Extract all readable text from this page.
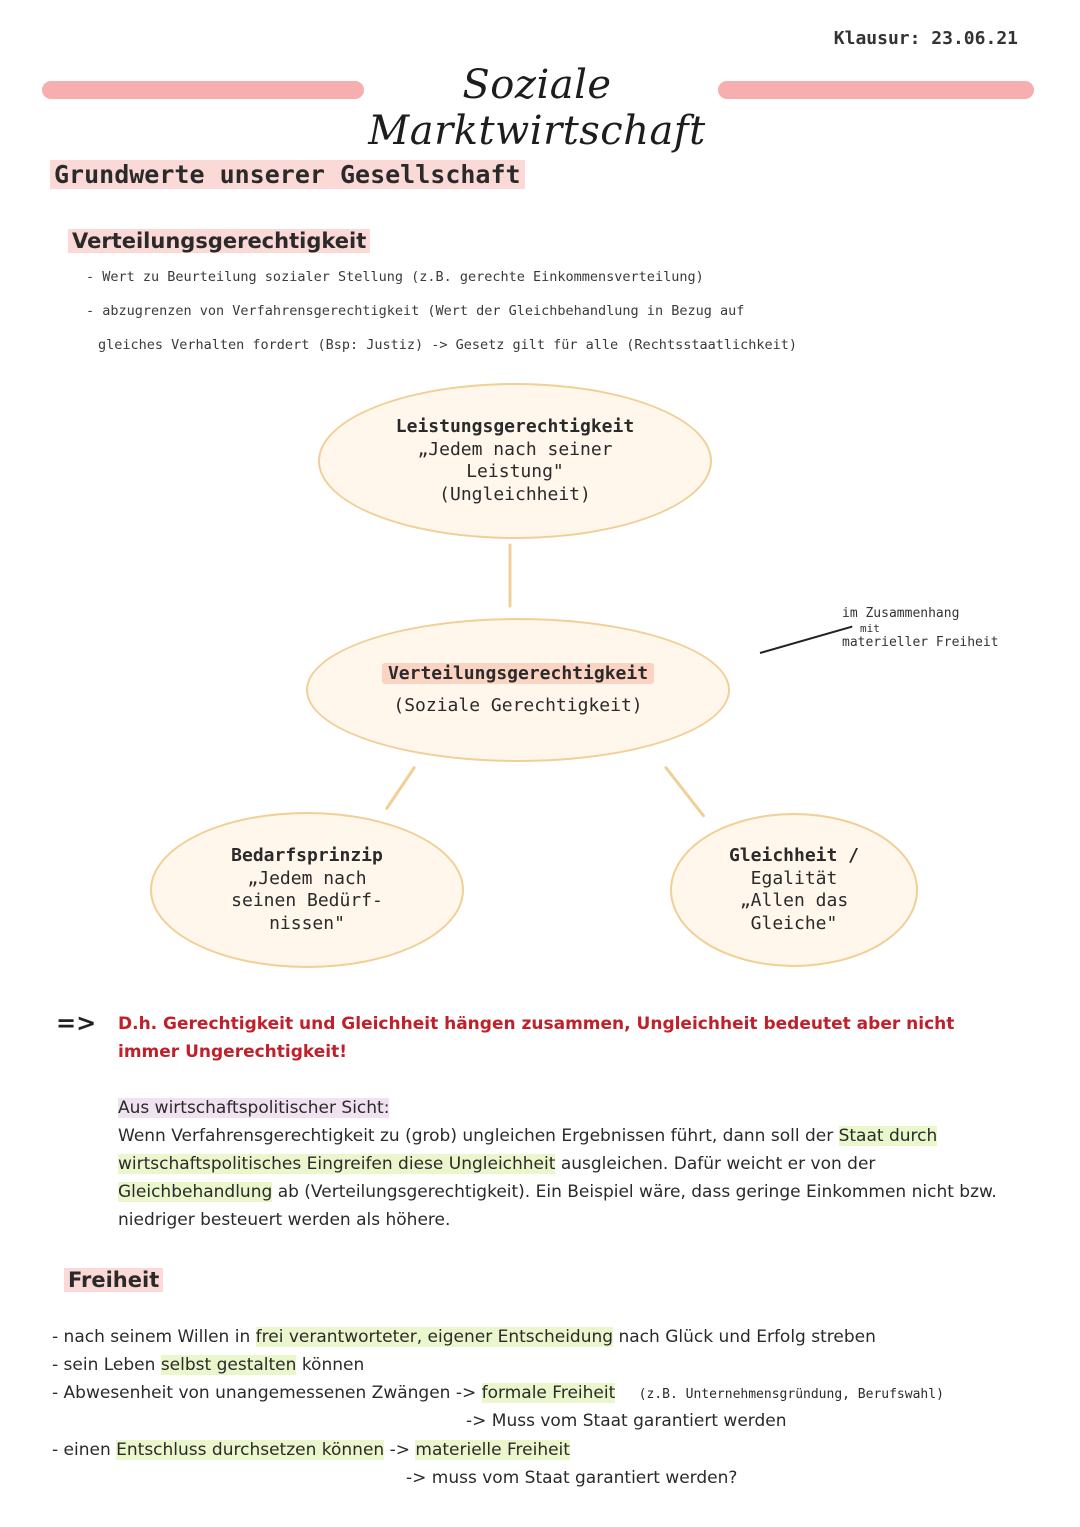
Klausur: 23.06.21
Soziale Marktwirtschaft
Grundwerte unserer Gesellschaft
Verteilungsgerechtigkeit
- Wert zu Beurteilung sozialer Stellung (z.B. gerechte Einkommensverteilung)
- abzugrenzen von Verfahrensgerechtigkeit (Wert der Gleichbehandlung in Bezug auf
gleiches Verhalten fordert (Bsp: Justiz) -> Gesetz gilt für alle (Rechtsstaatlichkeit)
Leistungsgerechtigkeit
„Jedem nach seiner
Leistung"
(Ungleichheit)
Verteilungsgerechtigkeit
(Soziale Gerechtigkeit)
Bedarfsprinzip
„Jedem nach
seinen Bedürf-
nissen"
Gleichheit /
Egalität
„Allen das
Gleiche"
im Zusammenhang
mit
materieller Freiheit
=> D.h. Gerechtigkeit und Gleichheit hängen zusammen, Ungleichheit bedeutet aber nicht immer Ungerechtigkeit!
Aus wirtschaftspolitischer Sicht:
Wenn Verfahrensgerechtigkeit zu (grob) ungleichen Ergebnissen führt, dann soll der Staat durch wirtschaftspolitisches Eingreifen diese Ungleichheit ausgleichen. Dafür weicht er von der Gleichbehandlung ab (Verteilungsgerechtigkeit). Ein Beispiel wäre, dass geringe Einkommen nicht bzw. niedriger besteuert werden als höhere.
Freiheit
- nach seinem Willen in frei verantworteter, eigener Entscheidung nach Glück und Erfolg streben
- sein Leben selbst gestalten können
- Abwesenheit von unangemessenen Zwängen -> formale Freiheit (z.B. Unternehmensgründung, Berufswahl)
-> Muss vom Staat garantiert werden
- einen Entschluss durchsetzen können -> materielle Freiheit
-> muss vom Staat garantiert werden?
